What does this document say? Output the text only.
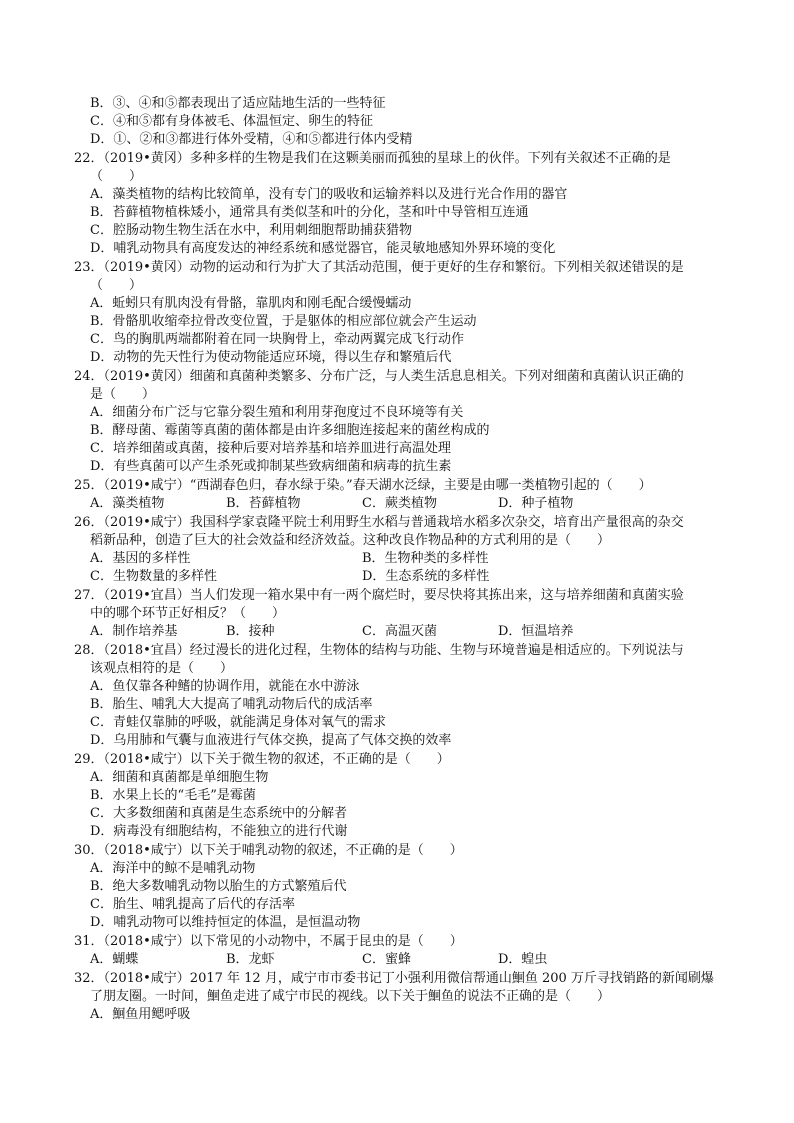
B．③、④和⑤都表现出了适应陆地生活的一些特征
C．④和⑤都有身体被毛、体温恒定、卵生的特征
D．①、②和③都进行体外受精，④和⑤都进行体内受精
22．（2019•黄冈）多种多样的生物是我们在这颗美丽而孤独的星球上的伙伴。下列有关叙述不正确的是
（　　）
A．藻类植物的结构比较简单，没有专门的吸收和运输养料以及进行光合作用的器官
B．苔藓植物植株矮小，通常具有类似茎和叶的分化，茎和叶中导管相互连通
C．腔肠动物生物生活在水中，利用刺细胞帮助捕获猎物
D．哺乳动物具有高度发达的神经系统和感觉器官，能灵敏地感知外界环境的变化
23．（2019•黄冈）动物的运动和行为扩大了其活动范围，便于更好的生存和繁衍。下列相关叙述错误的是
（　　）
A．蚯蚓只有肌肉没有骨骼，靠肌肉和刚毛配合缓慢蠕动
B．骨骼肌收缩牵拉骨改变位置，于是躯体的相应部位就会产生运动
C．鸟的胸肌两端都附着在同一块胸骨上，牵动两翼完成飞行动作
D．动物的先天性行为使动物能适应环境，得以生存和繁殖后代
24．（2019•黄冈）细菌和真菌种类繁多、分布广泛，与人类生活息息相关。下列对细菌和真菌认识正确的
是（　　）
A．细菌分布广泛与它靠分裂生殖和利用芽孢度过不良环境等有关
B．酵母菌、霉菌等真菌的菌体都是由许多细胞连接起来的菌丝构成的
C．培养细菌或真菌，接种后要对培养基和培养皿进行高温处理
D．有些真菌可以产生杀死或抑制某些致病细菌和病毒的抗生素
25．（2019•咸宁）“西湖春色归，春水绿于染。”春天湖水泛绿，主要是由哪一类植物引起的（　　）
A．藻类植物	B．苔藓植物	C．蕨类植物	D．种子植物
26．（2019•咸宁）我国科学家袁隆平院士利用野生水稻与普通栽培水稻多次杂交，培育出产量很高的杂交
稻新品种，创造了巨大的社会效益和经济效益。这种改良作物品种的方式利用的是（　　）
A．基因的多样性	B．生物种类的多样性
C．生物数量的多样性	D．生态系统的多样性
27．（2019•宜昌）当人们发现一箱水果中有一两个腐烂时，要尽快将其拣出来，这与培养细菌和真菌实验
中的哪个环节正好相反？（　　）
A．制作培养基	B．接种	C．高温灭菌	D．恒温培养
28．（2018•宜昌）经过漫长的进化过程，生物体的结构与功能、生物与环境普遍是相适应的。下列说法与
该观点相符的是（　　）
A．鱼仅靠各种鳍的协调作用，就能在水中游泳
B．胎生、哺乳大大提高了哺乳动物后代的成活率
C．青蛙仅靠肺的呼吸，就能满足身体对氧气的需求
D．乌用肺和气囊与血液进行气体交换，提高了气体交换的效率
29．（2018•咸宁）以下关于微生物的叙述，不正确的是（　　）
A．细菌和真菌都是单细胞生物
B．水果上长的“毛毛”是霉菌
C．大多数细菌和真菌是生态系统中的分解者
D．病毒没有细胞结构，不能独立的进行代谢
30．（2018•咸宁）以下关于哺乳动物的叙述，不正确的是（　　）
A．海洋中的鲸不是哺乳动物
B．绝大多数哺乳动物以胎生的方式繁殖后代
C．胎生、哺乳提高了后代的存活率
D．哺乳动物可以维持恒定的体温，是恒温动物
31．（2018•咸宁）以下常见的小动物中，不属于昆虫的是（　　）
A．蝴蝶	B．龙虾	C．蜜蜂	D．蝗虫
32．（2018•咸宁）2017 年 12 月，咸宁市市委书记丁小强利用微信帮通山鮰鱼 200 万斤寻找销路的新闻刷爆
了朋友圈。一时间，鮰鱼走进了咸宁市民的视线。以下关于鮰鱼的说法不正确的是（　　）
A．鮰鱼用鳃呼吸
